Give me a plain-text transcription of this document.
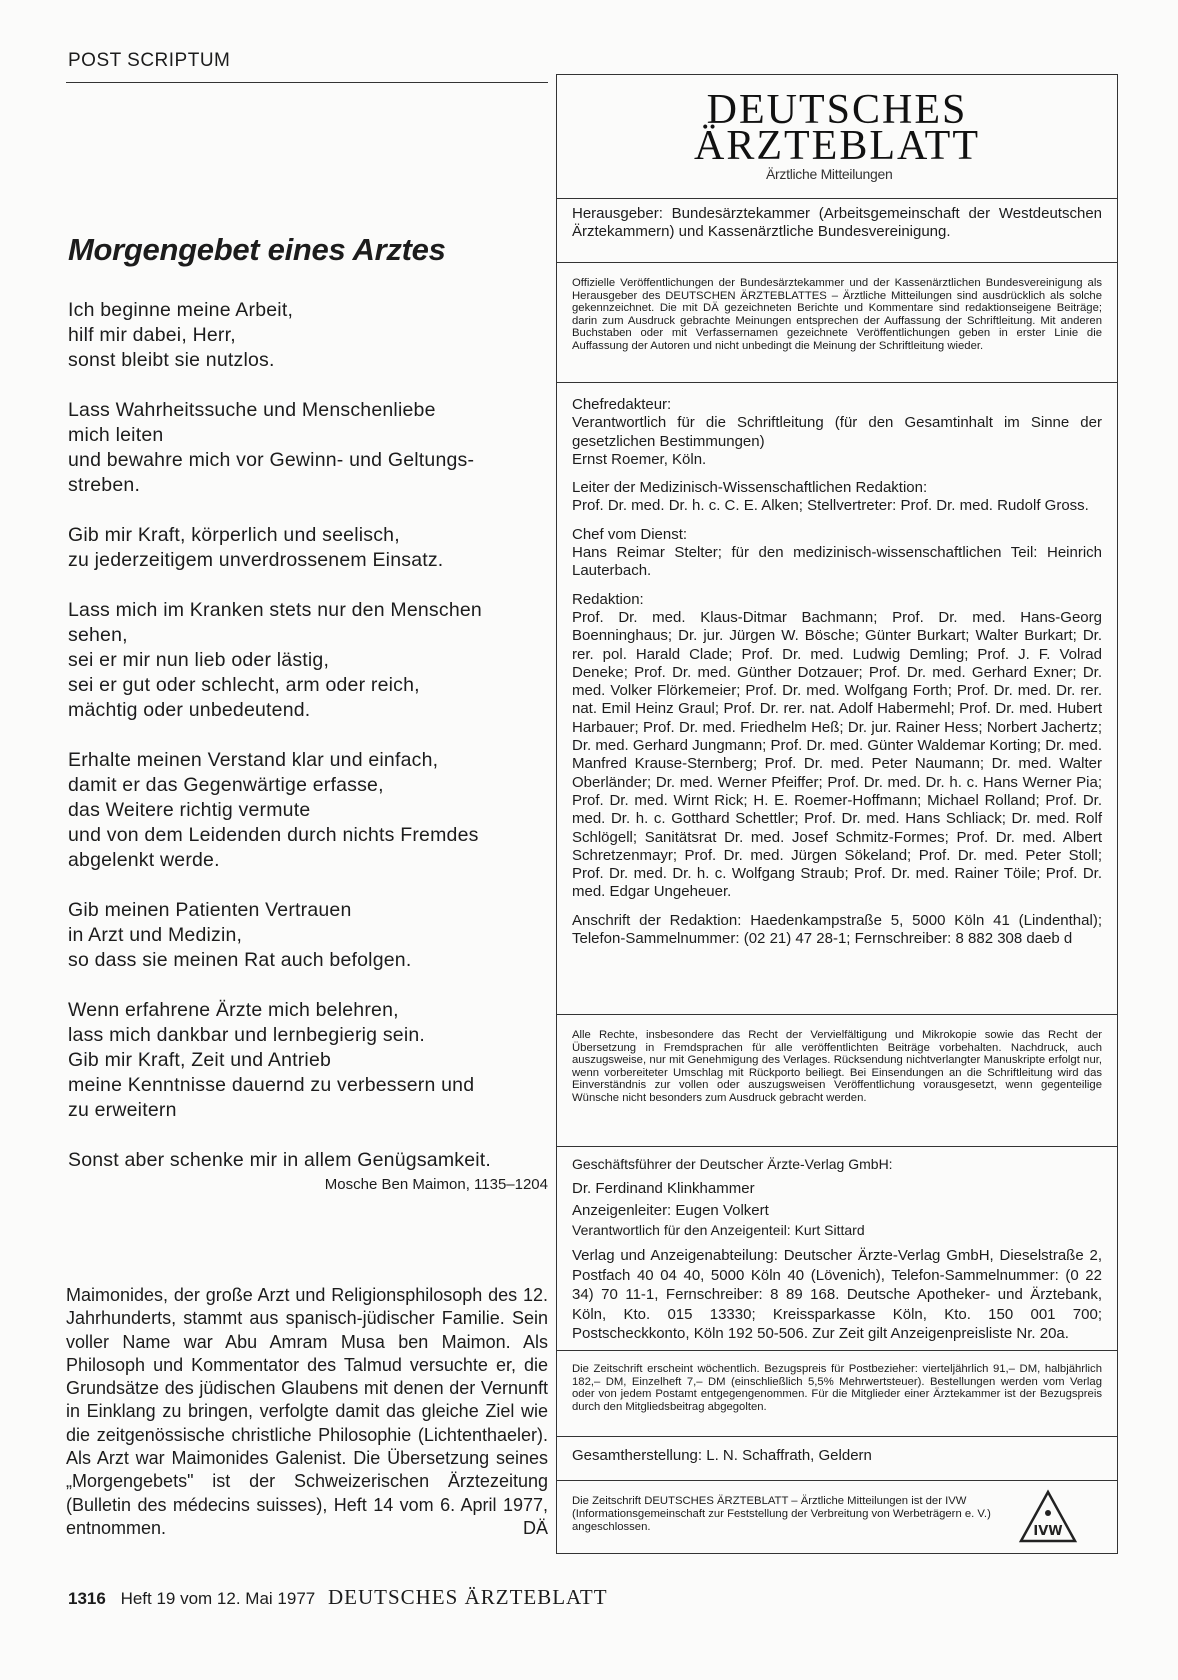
POST SCRIPTUM
Morgengebet eines Arztes
Ich beginne meine Arbeit,
hilf mir dabei, Herr,
sonst bleibt sie nutzlos.
Lass Wahrheitssuche und Menschenliebe
mich leiten
und bewahre mich vor Gewinn- und Geltungs-
streben.
Gib mir Kraft, körperlich und seelisch,
zu jederzeitigem unverdrossenem Einsatz.
Lass mich im Kranken stets nur den Menschen
sehen,
sei er mir nun lieb oder lästig,
sei er gut oder schlecht, arm oder reich,
mächtig oder unbedeutend.
Erhalte meinen Verstand klar und einfach,
damit er das Gegenwärtige erfasse,
das Weitere richtig vermute
und von dem Leidenden durch nichts Fremdes
abgelenkt werde.
Gib meinen Patienten Vertrauen
in Arzt und Medizin,
so dass sie meinen Rat auch befolgen.
Wenn erfahrene Ärzte mich belehren,
lass mich dankbar und lernbegierig sein.
Gib mir Kraft, Zeit und Antrieb
meine Kenntnisse dauernd zu verbessern und
zu erweitern
Sonst aber schenke mir in allem Genügsamkeit.
Mosche Ben Maimon, 1135–1204
Maimonides, der große Arzt und Religionsphilosoph des 12. Jahrhunderts, stammt aus spanisch-jüdischer Familie. Sein voller Name war Abu Amram Musa ben Maimon. Als Philosoph und Kommentator des Talmud versuchte er, die Grundsätze des jüdischen Glaubens mit denen der Vernunft in Einklang zu bringen, verfolgte damit das gleiche Ziel wie die zeitgenössische christliche Philosophie (Lichtenthaeler). Als Arzt war Maimonides Galenist. Die Übersetzung seines „Morgengebets" ist der Schweizerischen Ärztezeitung (Bulletin des médecins suisses), Heft 14 vom 6. April 1977, entnommen.	DÄ
1316 Heft 19 vom 12. Mai 1977 DEUTSCHES ÄRZTEBLATT
DEUTSCHES
ÄRZTEBLATT
Ärztliche Mitteilungen
Herausgeber: Bundesärztekammer (Arbeitsgemeinschaft der Westdeutschen Ärztekammern) und Kassenärztliche Bundesvereinigung.
Offizielle Veröffentlichungen der Bundesärztekammer und der Kassenärztlichen Bundesvereinigung als Herausgeber des DEUTSCHEN ÄRZTEBLATTES – Ärztliche Mitteilungen sind ausdrücklich als solche gekennzeichnet. Die mit DÄ gezeichneten Berichte und Kommentare sind redaktionseigene Beiträge; darin zum Ausdruck gebrachte Meinungen entsprechen der Auffassung der Schriftleitung. Mit anderen Buchstaben oder mit Verfassernamen gezeichnete Veröffentlichungen geben in erster Linie die Auffassung der Autoren und nicht unbedingt die Meinung der Schriftleitung wieder.

Chefredakteur:
Verantwortlich für die Schriftleitung (für den Gesamtinhalt im Sinne der gesetzlichen Bestimmungen)
Ernst Roemer, Köln.

Leiter der Medizinisch-Wissenschaftlichen Redaktion:
Prof. Dr. med. Dr. h. c. C. E. Alken; Stellvertreter: Prof. Dr. med. Rudolf Gross.

Chef vom Dienst:
Hans Reimar Stelter; für den medizinisch-wissenschaftlichen Teil: Heinrich Lauterbach.

Redaktion:
Prof. Dr. med. Klaus-Ditmar Bachmann; Prof. Dr. med. Hans-Georg Boenninghaus; Dr. jur. Jürgen W. Bösche; Günter Burkart; Walter Burkart; Dr. rer. pol. Harald Clade; Prof. Dr. med. Ludwig Demling; Prof. J. F. Volrad Deneke; Prof. Dr. med. Günther Dotzauer; Prof. Dr. med. Gerhard Exner; Dr. med. Volker Flörkemeier; Prof. Dr. med. Wolfgang Forth; Prof. Dr. med. Dr. rer. nat. Emil Heinz Graul; Prof. Dr. rer. nat. Adolf Habermehl; Prof. Dr. med. Hubert Harbauer; Prof. Dr. med. Friedhelm Heß; Dr. jur. Rainer Hess; Norbert Jachertz; Dr. med. Gerhard Jungmann; Prof. Dr. med. Günter Waldemar Korting; Dr. med. Manfred Krause-Sternberg; Prof. Dr. med. Peter Naumann; Dr. med. Walter Oberländer; Dr. med. Werner Pfeiffer; Prof. Dr. med. Dr. h. c. Hans Werner Pia; Prof. Dr. med. Wirnt Rick; H. E. Roemer-Hoffmann; Michael Rolland; Prof. Dr. med. Dr. h. c. Gotthard Schettler; Prof. Dr. med. Hans Schliack; Dr. med. Rolf Schlögell; Sanitätsrat Dr. med. Josef Schmitz-Formes; Prof. Dr. med. Albert Schretzenmayr; Prof. Dr. med. Jürgen Sökeland; Prof. Dr. med. Peter Stoll; Prof. Dr. med. Dr. h. c. Wolfgang Straub; Prof. Dr. med. Rainer Töile; Prof. Dr. med. Edgar Ungeheuer.

Anschrift der Redaktion: Haedenkampstraße 5, 5000 Köln 41 (Lindenthal); Telefon-Sammelnummer: (02 21) 47 28-1; Fernschreiber: 8 882 308 daeb d

Alle Rechte, insbesondere das Recht der Vervielfältigung und Mikrokopie sowie das Recht der Übersetzung in Fremdsprachen für alle veröffentlichten Beiträge vorbehalten. Nachdruck, auch auszugsweise, nur mit Genehmigung des Verlages. Rücksendung nichtverlangter Manuskripte erfolgt nur, wenn vorbereiteter Umschlag mit Rückporto beiliegt. Bei Einsendungen an die Schriftleitung wird das Einverständnis zur vollen oder auszugsweisen Veröffentlichung vorausgesetzt, wenn gegenteilige Wünsche nicht besonders zum Ausdruck gebracht werden.
Geschäftsführer der Deutscher Ärzte-Verlag GmbH:
Dr. Ferdinand Klinkhammer
Anzeigenleiter: Eugen Volkert
Verantwortlich für den Anzeigenteil: Kurt Sittard
Verlag und Anzeigenabteilung: Deutscher Ärzte-Verlag GmbH, Dieselstraße 2, Postfach 40 04 40, 5000 Köln 40 (Lövenich), Telefon-Sammelnummer: (0 22 34) 70 11-1, Fernschreiber: 8 89 168. Deutsche Apotheker- und Ärztebank, Köln, Kto. 015 13330; Kreissparkasse Köln, Kto. 150 001 700; Postscheckkonto, Köln 192 50-506. Zur Zeit gilt Anzeigenpreisliste Nr. 20a.
Die Zeitschrift erscheint wöchentlich. Bezugspreis für Postbezieher: vierteljährlich 91,– DM, halbjährlich 182,– DM, Einzelheft 7,– DM (einschließlich 5,5% Mehrwertsteuer). Bestellungen werden vom Verlag oder von jedem Postamt entgegengenommen. Für die Mitglieder einer Ärztekammer ist der Bezugspreis durch den Mitgliedsbeitrag abgegolten.
Gesamtherstellung: L. N. Schaffrath, Geldern
Die Zeitschrift DEUTSCHES ÄRZTEBLATT – Ärztliche Mitteilungen ist der IVW (Informationsgemeinschaft zur Feststellung der Verbreitung von Werbeträgern e. V.) angeschlossen.	IVW
